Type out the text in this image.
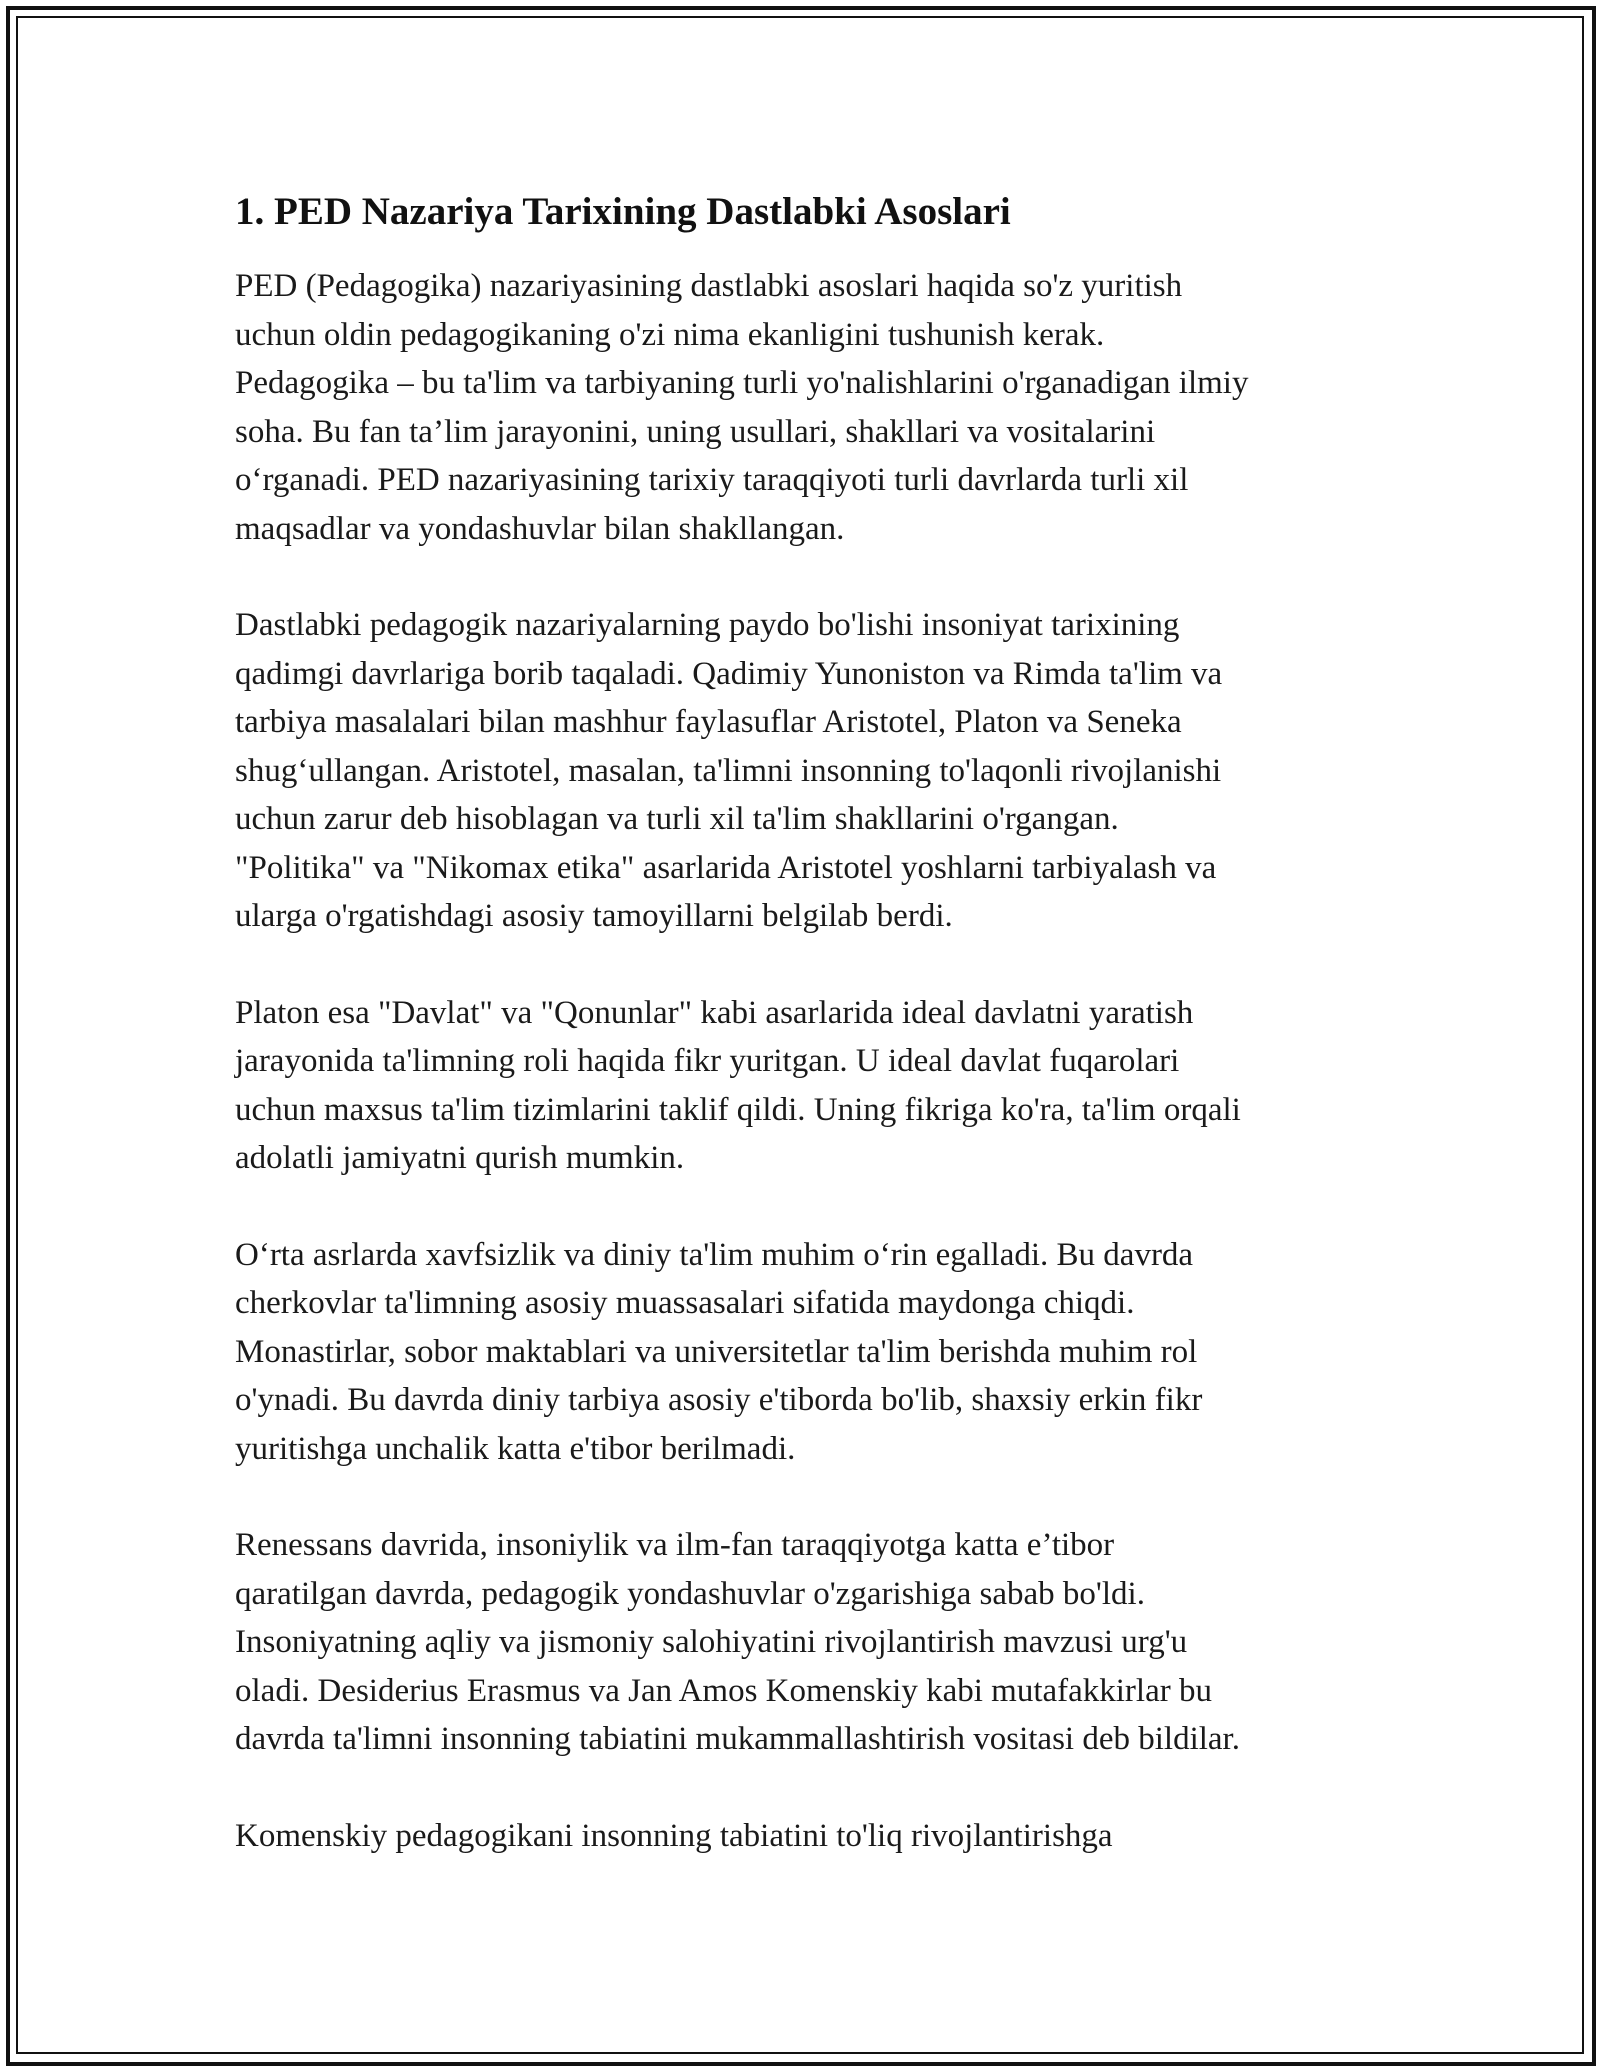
1. PED Nazariya Tarixining Dastlabki Asoslari

PED (Pedagogika) nazariyasining dastlabki asoslari haqida so'z yuritish
uchun oldin pedagogikaning o'zi nima ekanligini tushunish kerak.
Pedagogika – bu ta'lim va tarbiyaning turli yo'nalishlarini o'rganadigan ilmiy
soha. Bu fan ta’lim jarayonini, uning usullari, shakllari va vositalarini
o‘rganadi. PED nazariyasining tarixiy taraqqiyoti turli davrlarda turli xil
maqsadlar va yondashuvlar bilan shakllangan.

Dastlabki pedagogik nazariyalarning paydo bo'lishi insoniyat tarixining
qadimgi davrlariga borib taqaladi. Qadimiy Yunoniston va Rimda ta'lim va
tarbiya masalalari bilan mashhur faylasuflar Aristotel, Platon va Seneka
shug‘ullangan. Aristotel, masalan, ta'limni insonning to'laqonli rivojlanishi
uchun zarur deb hisoblagan va turli xil ta'lim shakllarini o'rgangan.
"Politika" va "Nikomax etika" asarlarida Aristotel yoshlarni tarbiyalash va
ularga o'rgatishdagi asosiy tamoyillarni belgilab berdi.

Platon esa "Davlat" va "Qonunlar" kabi asarlarida ideal davlatni yaratish
jarayonida ta'limning roli haqida fikr yuritgan. U ideal davlat fuqarolari
uchun maxsus ta'lim tizimlarini taklif qildi. Uning fikriga ko'ra, ta'lim orqali
adolatli jamiyatni qurish mumkin.

O‘rta asrlarda xavfsizlik va diniy ta'lim muhim o‘rin egalladi. Bu davrda
cherkovlar ta'limning asosiy muassasalari sifatida maydonga chiqdi.
Monastirlar, sobor maktablari va universitetlar ta'lim berishda muhim rol
o'ynadi. Bu davrda diniy tarbiya asosiy e'tiborda bo'lib, shaxsiy erkin fikr
yuritishga unchalik katta e'tibor berilmadi.

Renessans davrida, insoniylik va ilm-fan taraqqiyotga katta e’tibor
qaratilgan davrda, pedagogik yondashuvlar o'zgarishiga sabab bo'ldi.
Insoniyatning aqliy va jismoniy salohiyatini rivojlantirish mavzusi urg'u
oladi. Desiderius Erasmus va Jan Amos Komenskiy kabi mutafakkirlar bu
davrda ta'limni insonning tabiatini mukammallashtirish vositasi deb bildilar.

Komenskiy pedagogikani insonning tabiatini to'liq rivojlantirishga
